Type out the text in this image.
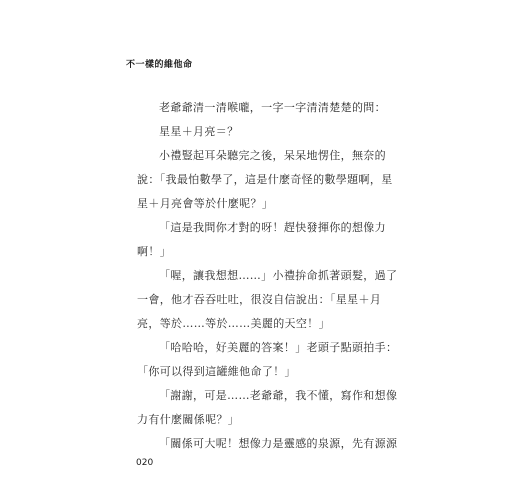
不一樣的維他命
老爺爺清一清喉嚨，一字一字清清楚楚的問：
星星＋月亮＝？
小禮豎起耳朵聽完之後，呆呆地愣住，無奈的
說：「我最怕數學了，這是什麼奇怪的數學題啊，星
星＋月亮會等於什麼呢？」
「這是我問你才對的呀！趕快發揮你的想像力
啊！」
「喔，讓我想想……」小禮拚命抓著頭髮，過了
一會，他才吞吞吐吐，很沒自信說出：「星星＋月
亮，等於……等於……美麗的天空！」
「哈哈哈，好美麗的答案！」老頭子點頭拍手：
「你可以得到這罐維他命了！」
「謝謝，可是……老爺爺，我不懂，寫作和想像
力有什麼關係呢？」
「關係可大呢！想像力是靈感的泉源，先有源源
020
